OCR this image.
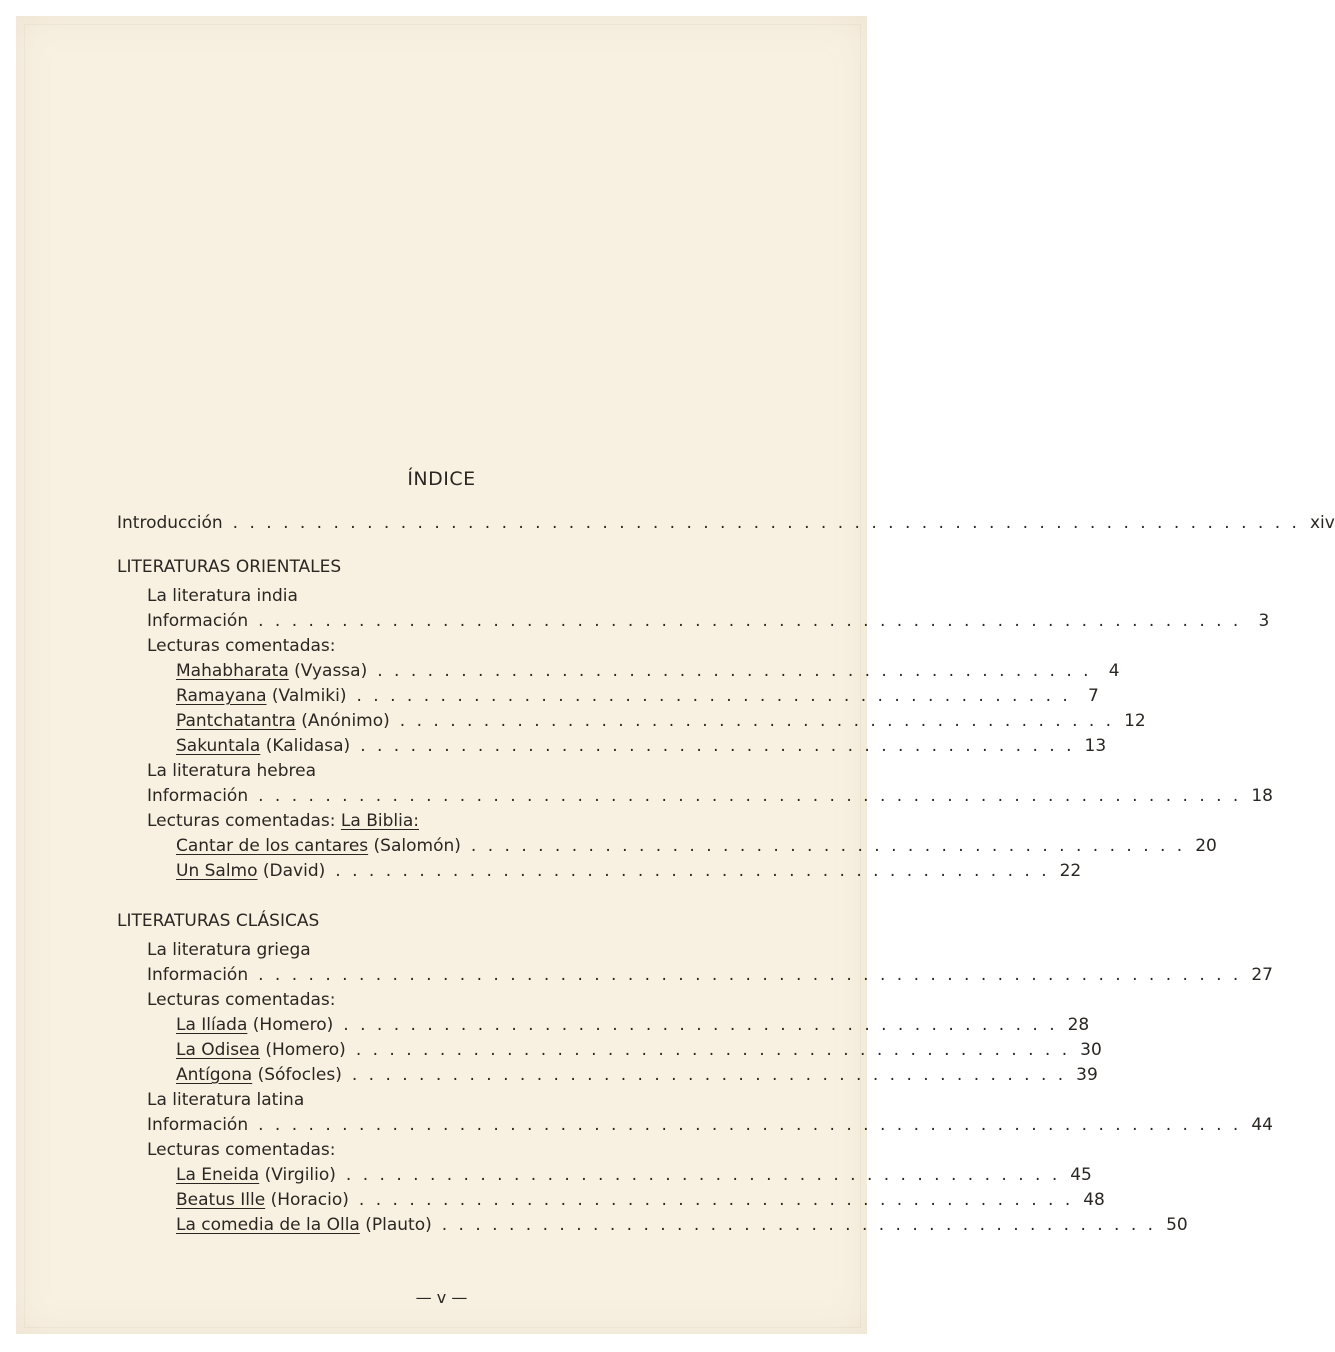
ÍNDICE
Introducción . . . . . . . . . . . . . . . . . . . . . . . . . . . . . . . . . . . . . . . . . . . . . . . . . . . . . . . . . . . . . . . . xiv
LITERATURAS ORIENTALES
La literatura india
Información . . . . . . . . . . . . . . . . . . . . . . . . . . . . . . . . . . . . . . . . . . . . . . . . . . . . . . . . . . .	3
Lecturas comentadas:
Mahabharata (Vyassa) . . . . . . . . . . . . . . . . . . . . . . . . . . . . . . . . . . . . . . . . . . .	4
Ramayana (Valmiki) . . . . . . . . . . . . . . . . . . . . . . . . . . . . . . . . . . . . . . . . . . .	7
Pantchatantra (Anónimo) . . . . . . . . . . . . . . . . . . . . . . . . . . . . . . . . . . . . . . . . . . . 12
Sakuntala (Kalidasa) . . . . . . . . . . . . . . . . . . . . . . . . . . . . . . . . . . . . . . . . . . . 13
La literatura hebrea
Información . . . . . . . . . . . . . . . . . . . . . . . . . . . . . . . . . . . . . . . . . . . . . . . . . . . . . . . . . . . 18
Lecturas comentadas: La Biblia:
Cantar de los cantares (Salomón) . . . . . . . . . . . . . . . . . . . . . . . . . . . . . . . . . . . . . . . . . . . 20
Un Salmo (David) . . . . . . . . . . . . . . . . . . . . . . . . . . . . . . . . . . . . . . . . . . . 22
LITERATURAS CLÁSICAS
La literatura griega
Información . . . . . . . . . . . . . . . . . . . . . . . . . . . . . . . . . . . . . . . . . . . . . . . . . . . . . . . . . . . 27
Lecturas comentadas:
La Ilíada (Homero) . . . . . . . . . . . . . . . . . . . . . . . . . . . . . . . . . . . . . . . . . . . 28
La Odisea (Homero) . . . . . . . . . . . . . . . . . . . . . . . . . . . . . . . . . . . . . . . . . . . 30
Antígona (Sófocles) . . . . . . . . . . . . . . . . . . . . . . . . . . . . . . . . . . . . . . . . . . . 39
La literatura latina
Información . . . . . . . . . . . . . . . . . . . . . . . . . . . . . . . . . . . . . . . . . . . . . . . . . . . . . . . . . . . 44
Lecturas comentadas:
La Eneida (Virgilio) . . . . . . . . . . . . . . . . . . . . . . . . . . . . . . . . . . . . . . . . . . . 45
Beatus Ille (Horacio) . . . . . . . . . . . . . . . . . . . . . . . . . . . . . . . . . . . . . . . . . . . 48
La comedia de la Olla (Plauto) . . . . . . . . . . . . . . . . . . . . . . . . . . . . . . . . . . . . . . . . . . . 50
— v —
